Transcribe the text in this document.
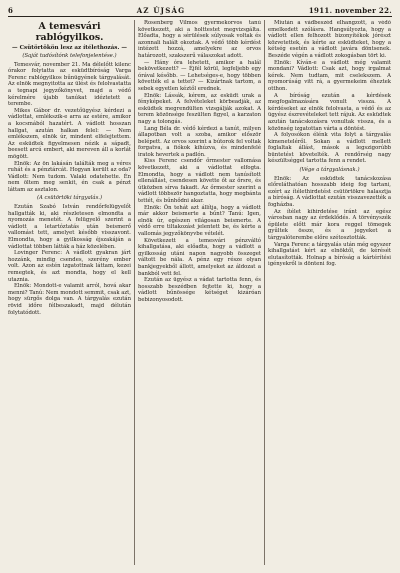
6	AZ ÚJSÁG	1911. november 22.
A temesvári rablógyilkos.
— Csütörtökön lesz az ítélethozás. —
(Saját tudósítónk telefonjelentése.)

Temesvár, november 21. Ma délelőtt kilenc órakor folytatta az esküdtbíróság Varga Ferenc rablógyilkos bűnügyének tárgyalását. Az elnök megnyitotta az ülést és felolvastatta a tegnapi jegyzőkönyvet, majd a védő kérelmére újabb tanúkat idéztetett a terembe.

Mikes Gábor dr. vezetőügyész kérdezi a vádlottat, emlékszik-e arra az estére, amikor a kocsmából hazatért. A vádlott hosszan hallgat, azután halkan felel: — Nem emlékszem, elnök úr, mindent elfelejtettem. Az esküdtek figyelmesen nézik a sápadt, beesett arcú embert, aki mereven áll a korlát mögött.

Elnök: Az ön lakásán találták meg a véres ruhát és a pénztárcát. Hogyan került az oda? Vádlott: Nem tudom. Valaki odatehette. Én nem öltem meg senkit, én csak a pénzt láttam az asztalon.

(A csütörtöki tárgyalás.)

Ezután Szabó István rendőrfelügyelőt hallgatták ki, aki részletesen elmondta a nyomozás menetét. A felügyelő szerint a vádlott a letartóztatás után beismerő vallomást tett, amelyet később visszavont. Elmondta, hogy a gyilkosság éjszakáján a vádlottat többen látták a ház közelében.

Lovinger Ferenc: A vádlott gyakran járt hozzánk, mindig csendes, szerény ember volt. Azon az estén izgatottnak láttam, kezei remegtek, és azt mondta, hogy el kell utaznia.

Elnök: Mondott-e valamit arról, hová akar menni? Tanú: Nem mondott semmit, csak azt, hogy sürgős dolga van. A tárgyalás ezután rövid időre félbeszakadt, majd délután folytatódott.

Rosenberg Vilmos gyermekorvos tanú következett, aki a holttestet megvizsgálta. Előadta, hogy a sérülések súlyosak voltak és azonnali halált okoztak. A védő több kérdést intézett hozzá, amelyekre az orvos határozott, szakszerű válaszokat adott.

— Hány óra lehetett, amikor a halál bekövetkezett? — Éjfél körül, legfeljebb egy órával később. — Lehetséges-e, hogy többen követték el a tettet? — Kizártnak tartom, a sebek egyetlen kéztől erednek.

Elnök: Lássák, kérem, az esküdt urak a fényképeket. A felvételeket körbeadják, az esküdtek megrendülten vizsgálják azokat. A terem közönsége feszülten figyel, a karzaton nagy a tolongás.

Lang Béla dr. védő kérdezi a tanút, milyen állapotban volt a szoba, amikor először belépett. Az orvos szerint a bútorok fel voltak forgatva, a fiókok kihúzva, és mindenfelé iratok hevertek a padlón.

Kiss Ferenc csendőr őrmester vallomása következett, aki a vádlottat elfogta. Elmondta, hogy a vádlott nem tanúsított ellenállást, csendesen követte őt az őrsre, és útközben sírva fakadt. Az őrmester szerint a vádlott többször hangoztatta, hogy megbánta tettét, és bűnhődni akar.

Elnök: Ön tehát azt állítja, hogy a vádlott már akkor beismerte a bűnt? Tanú: Igen, elnök úr, egészen világosan beismerte. A védő erre tiltakozást jelentett be, és kérte a vallomás jegyzőkönyvbe vételét.

Következett a temesvári pénzváltó kihallgatása, aki előadta, hogy a vádlott a gyilkosság utáni napon nagyobb összeget váltott be nála. A pénz egy része olyan bankjegyekből állott, amelyeket az áldozat a bankból vett fel.

Ezután az ügyész a vádat tartotta fenn, és hosszabb beszédben fejtette ki, hogy a vádlott bűnössége kétséget kizáróan bebizonyosodott.

Miután a vádbeszéd elhangzott, a védő emelkedett szólásra. Hangsúlyozta, hogy a vádlott ellen felhozott bizonyítékok jórészt közvetettek, és kérte az esküdteket, hogy a kétség esetén a vádlott javára döntsenek. Beszéde végén a vádlott zokogásban tört ki.

Elnök: Kíván-e a vádlott még valamit mondani? Vádlott: Csak azt, hogy irgalmat kérek. Nem tudtam, mit cselekszem. A nyomorúság vitt rá, a gyermekeim éheztek otthon.

A bíróság ezután a kérdések megfogalmazására vonult vissza. A kérdéseket az elnök felolvasta, a védő és az ügyész észrevételeket tett rájuk. Az esküdtek azután tanácskozásra vonultak vissza, és a közönség izgatottan várta a döntést.

A folyosókon élénk vita folyt a tárgyalás kimeneteléről. Sokan a vádlott mellett foglaltak állást, mások a legszigorúbb büntetést követelték. A rendőrség nagy készültséggel tartotta fenn a rendet.

(Vége a tárgyalásnak.)

Elnök: Az esküdtek tanácskozása előreláthatóan hosszabb ideig fog tartani, ezért az ítélethirdetést csütörtökre halasztja a bíróság. A vádlottat ezután visszavezették a fogházba.

Az ítélet kihirdetése iránt az egész városban nagy az érdeklődés. A törvényszék épülete előtt már kora reggel tömegek gyűltek össze, és a jegyeket a tárgyalóterembe előre szétosztották.

Varga Ferenc a tárgyalás után még egyszer kihallgatást kért az elnöktől, de kérését elutasították. Holnap a bíróság a kártérítési igényekről is dönteni fog.
